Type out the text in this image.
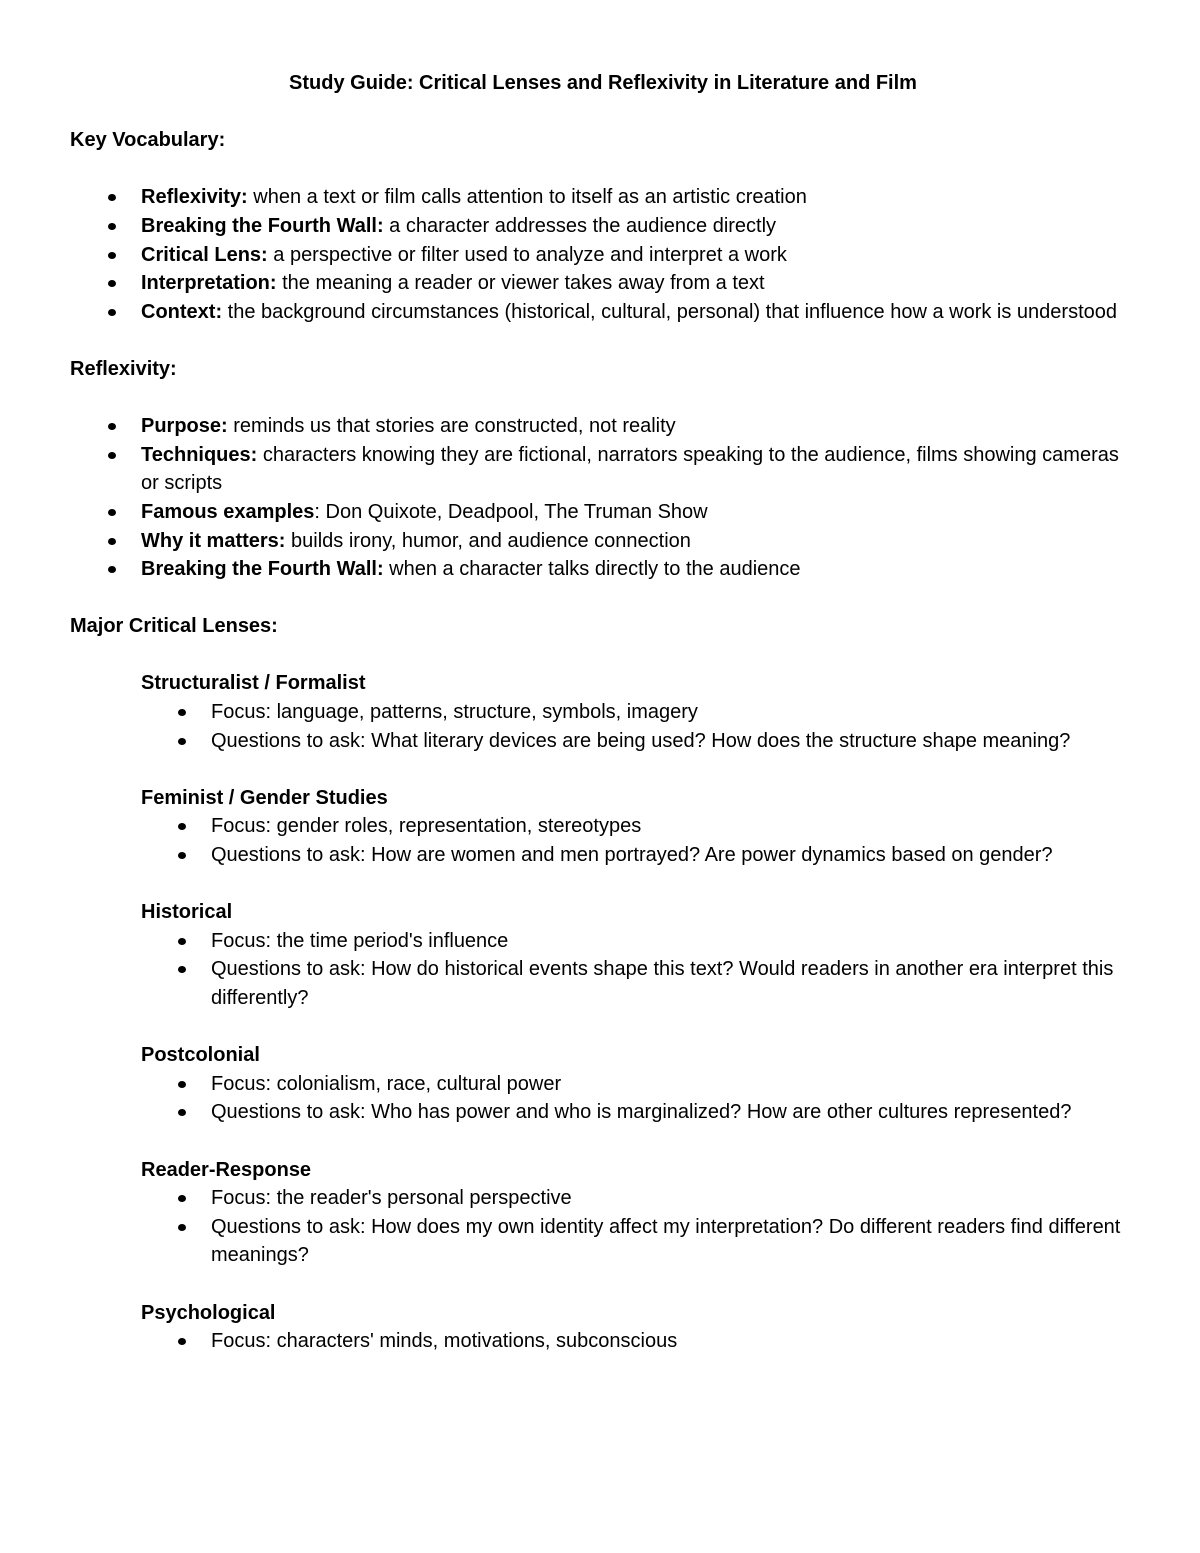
Study Guide: Critical Lenses and Reflexivity in Literature and Film

Key Vocabulary:

Reflexivity: when a text or film calls attention to itself as an artistic creation
Breaking the Fourth Wall: a character addresses the audience directly
Critical Lens: a perspective or filter used to analyze and interpret a work
Interpretation: the meaning a reader or viewer takes away from a text
Context: the background circumstances (historical, cultural, personal) that influence how a work is understood

Reflexivity:

Purpose: reminds us that stories are constructed, not reality
Techniques: characters knowing they are fictional, narrators speaking to the audience, films showing cameras or scripts
Famous examples: Don Quixote, Deadpool, The Truman Show
Why it matters: builds irony, humor, and audience connection
Breaking the Fourth Wall: when a character talks directly to the audience

Major Critical Lenses:

Structuralist / Formalist

Focus: language, patterns, structure, symbols, imagery
Questions to ask: What literary devices are being used? How does the structure shape meaning?

Feminist / Gender Studies

Focus: gender roles, representation, stereotypes
Questions to ask: How are women and men portrayed? Are power dynamics based on gender?

Historical

Focus: the time period's influence
Questions to ask: How do historical events shape this text? Would readers in another era interpret this differently?

Postcolonial

Focus: colonialism, race, cultural power
Questions to ask: Who has power and who is marginalized? How are other cultures represented?

Reader-Response

Focus: the reader's personal perspective
Questions to ask: How does my own identity affect my interpretation? Do different readers find different meanings?

Psychological

Focus: characters' minds, motivations, subconscious
